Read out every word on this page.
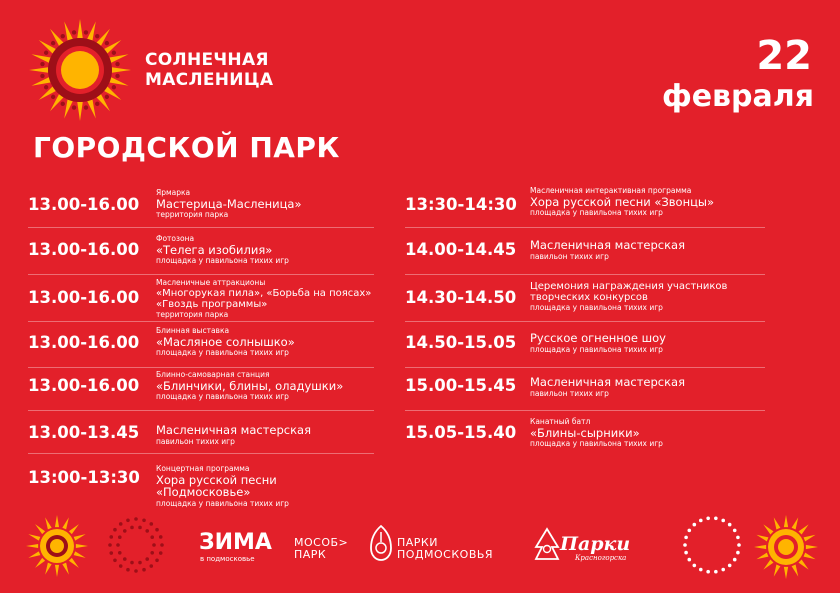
СОЛНЕЧНАЯ
МАСЛЕНИЦА
22
февраля
ГОРОДСКОЙ ПАРК
13.00-16.00
Ярмарка
Мастерица-Масленица»
территория парка
13.00-16.00
Фотозона
«Телега изобилия»
площадка у павильона тихих игр
13.00-16.00
Масленичные аттракционы
«Многорукая пила», «Борьба на поясах»
«Гвоздь программы»
территория парка
13.00-16.00
Блинная выставка
«Масляное солнышко»
площадка у павильона тихих игр
13.00-16.00
Блинно-самоварная станция
«Блинчики, блины, оладушки»
площадка у павильона тихих игр
13.00-13.45 Масленичная мастерская
павильон тихих игр
13:00-13:30 Концертная программа
Хора русской песни «Подмосковье»
площадка у павильона тихих игр
13:30-14:30
Масленичная интерактивная программа
Хора русской песни «Звонцы»
площадка у павильона тихих игр
14.00-14.45 Масленичная мастерская
павильон тихих игр
14.30-14.50
Церемония награждения участников
творческих конкурсов
площадка у павильона тихих игр
14.50-15.05 Русское огненное шоу
площадка у павильона тихих игр
15.00-15.45 Масленичная мастерская
павильон тихих игр
15.05-15.40
Канатный батл
«Блины-сырники»
площадка у павильона тихих игр
ЗИМА
в подмосковье
МОСОБ>
ПАРК
ПАРКИ
ПОДМОСКОВЬЯ	Парки
Красногорска
